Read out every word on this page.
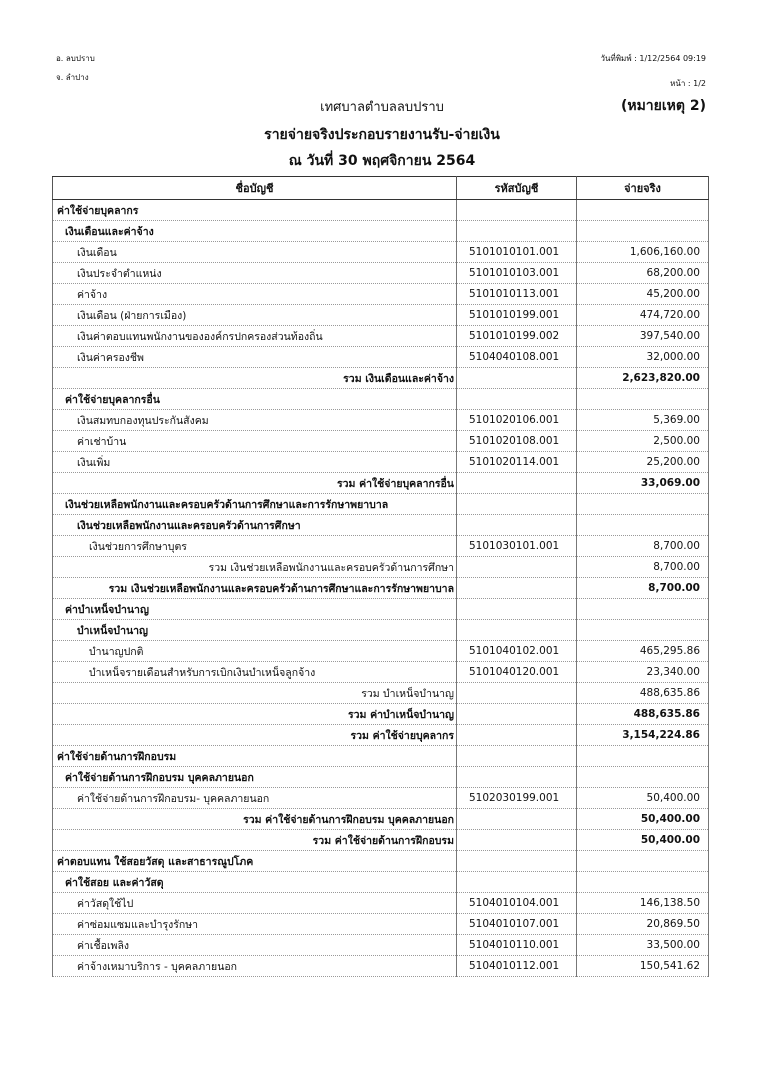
อ. ลบปราบ
จ. ลำปาง
วันที่พิมพ์ : 1/12/2564 09:19
หน้า : 1/2
เทศบาลตำบลลบปราบ	(หมายเหตุ 2)
รายจ่ายจริงประกอบรายงานรับ-จ่ายเงิน
ณ วันที่ 30 พฤศจิกายน 2564
ชื่อบัญชี	รหัสบัญชี	จ่ายจริง
ค่าใช้จ่ายบุคลากร		
เงินเดือนและค่าจ้าง		
เงินเดือน	5101010101.001	1,606,160.00
เงินประจำตำแหน่ง	5101010103.001	68,200.00
ค่าจ้าง	5101010113.001	45,200.00
เงินเดือน (ฝ่ายการเมือง)	5101010199.001	474,720.00
เงินค่าตอบแทนพนักงานขององค์กรปกครองส่วนท้องถิ่น	5101010199.002	397,540.00
เงินค่าครองชีพ	5104040108.001	32,000.00
รวม เงินเดือนและค่าจ้าง		2,623,820.00
ค่าใช้จ่ายบุคลากรอื่น		
เงินสมทบกองทุนประกันสังคม	5101020106.001	5,369.00
ค่าเช่าบ้าน	5101020108.001	2,500.00
เงินเพิ่ม	5101020114.001	25,200.00
รวม ค่าใช้จ่ายบุคลากรอื่น		33,069.00
เงินช่วยเหลือพนักงานและครอบครัวด้านการศึกษาและการรักษาพยาบาล		
เงินช่วยเหลือพนักงานและครอบครัวด้านการศึกษา		
เงินช่วยการศึกษาบุตร	5101030101.001	8,700.00
รวม เงินช่วยเหลือพนักงานและครอบครัวด้านการศึกษา		8,700.00
รวม เงินช่วยเหลือพนักงานและครอบครัวด้านการศึกษาและการรักษาพยาบาล		8,700.00
ค่าบำเหน็จบำนาญ		
บำเหน็จบำนาญ		
บำนาญปกติ	5101040102.001	465,295.86
บำเหน็จรายเดือนสำหรับการเบิกเงินบำเหน็จลูกจ้าง	5101040120.001	23,340.00
รวม บำเหน็จบำนาญ		488,635.86
รวม ค่าบำเหน็จบำนาญ		488,635.86
รวม ค่าใช้จ่ายบุคลากร		3,154,224.86
ค่าใช้จ่ายด้านการฝึกอบรม		
ค่าใช้จ่ายด้านการฝึกอบรม บุคคลภายนอก		
ค่าใช้จ่ายด้านการฝึกอบรม- บุคคลภายนอก	5102030199.001	50,400.00
รวม ค่าใช้จ่ายด้านการฝึกอบรม บุคคลภายนอก		50,400.00
รวม ค่าใช้จ่ายด้านการฝึกอบรม		50,400.00
ค่าตอบแทน ใช้สอยวัสดุ และสาธารณูปโภค		
ค่าใช้สอย และค่าวัสดุ		
ค่าวัสดุใช้ไป	5104010104.001	146,138.50
ค่าซ่อมแซมและบำรุงรักษา	5104010107.001	20,869.50
ค่าเชื้อเพลิง	5104010110.001	33,500.00
ค่าจ้างเหมาบริการ - บุคคลภายนอก	5104010112.001	150,541.62
